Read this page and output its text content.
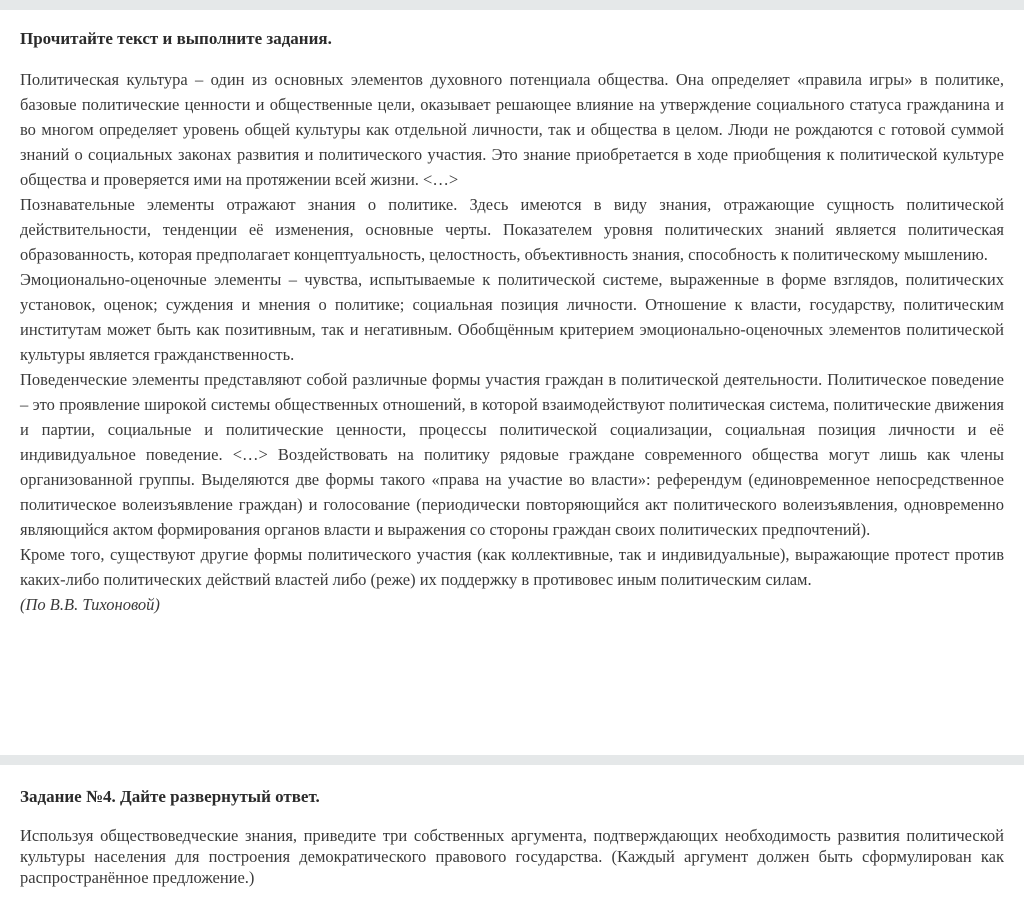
Прочитайте текст и выполните задания.

Политическая культура – один из основных элементов духовного потенциала общества. Она определяет «правила игры» в политике, базовые политические ценности и общественные цели, оказывает решающее влияние на утверждение социального статуса гражданина и во многом определяет уровень общей культуры как отдельной личности, так и общества в целом. Люди не рождаются с готовой суммой знаний о социальных законах развития и политического участия. Это знание приобретается в ходе приобщения к политической культуре общества и проверяется ими на протяжении всей жизни. <…>

Познавательные элементы отражают знания о политике. Здесь имеются в виду знания, отражающие сущность политической действительности, тенденции её изменения, основные черты. Показателем уровня политических знаний является политическая образованность, которая предполагает концептуальность, целостность, объективность знания, способность к политическому мышлению.

Эмоционально-оценочные элементы – чувства, испытываемые к политической системе, выраженные в форме взглядов, политических установок, оценок; суждения и мнения о политике; социальная позиция личности. Отношение к власти, государству, политическим институтам может быть как позитивным, так и негативным. Обобщённым критерием эмоционально-оценочных элементов политической культуры является гражданственность.

Поведенческие элементы представляют собой различные формы участия граждан в политической деятельности. Политическое поведение – это проявление широкой системы общественных отношений, в которой взаимодействуют политическая система, политические движения и партии, социальные и политические ценности, процессы политической социализации, социальная позиция личности и её индивидуальное поведение. <…> Воздействовать на политику рядовые граждане современного общества могут лишь как члены организованной группы. Выделяются две формы такого «права на участие во власти»: референдум (единовременное непосредственное политическое волеизъявление граждан) и голосование (периодически повторяющийся акт политического волеизъявления, одновременно являющийся актом формирования органов власти и выражения со стороны граждан своих политических предпочтений).

Кроме того, существуют другие формы политического участия (как коллективные, так и индивидуальные), выражающие протест против каких-либо политических действий властей либо (реже) их поддержку в противовес иным политическим силам.

(По В.В. Тихоновой)

Задание №4. Дайте развернутый ответ.

Используя обществоведческие знания, приведите три собственных аргумента, подтверждающих необходимость развития политической культуры населения для построения демократического правового государства. (Каждый аргумент должен быть сформулирован как распространённое предложение.)
